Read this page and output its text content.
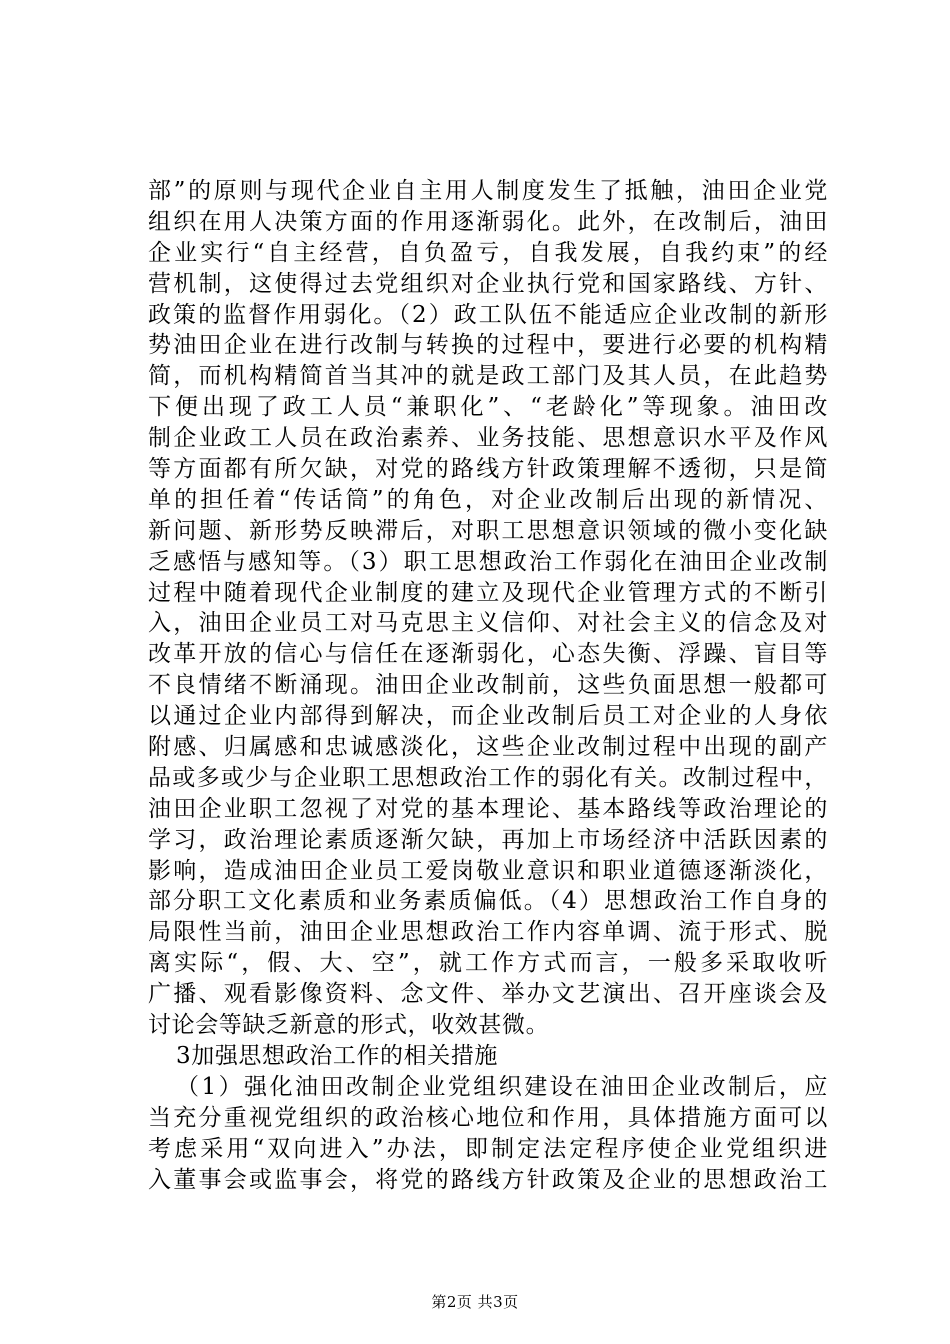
部”的原则与现代企业自主用人制度发生了抵触，油田企业党
组织在用人决策方面的作用逐渐弱化。此外，在改制后，油田
企业实行“自主经营，自负盈亏，自我发展，自我约束”的经
营机制，这使得过去党组织对企业执行党和国家路线、方针、
政策的监督作用弱化。（2）政工队伍不能适应企业改制的新形
势油田企业在进行改制与转换的过程中，要进行必要的机构精
简，而机构精简首当其冲的就是政工部门及其人员，在此趋势
下便出现了政工人员“兼职化”、“老龄化”等现象。油田改
制企业政工人员在政治素养、业务技能、思想意识水平及作风
等方面都有所欠缺，对党的路线方针政策理解不透彻，只是简
单的担任着“传话筒”的角色，对企业改制后出现的新情况、
新问题、新形势反映滞后，对职工思想意识领域的微小变化缺
乏感悟与感知等。（3）职工思想政治工作弱化在油田企业改制
过程中随着现代企业制度的建立及现代企业管理方式的不断引
入，油田企业员工对马克思主义信仰、对社会主义的信念及对
改革开放的信心与信任在逐渐弱化，心态失衡、浮躁、盲目等
不良情绪不断涌现。油田企业改制前，这些负面思想一般都可
以通过企业内部得到解决，而企业改制后员工对企业的人身依
附感、归属感和忠诚感淡化，这些企业改制过程中出现的副产
品或多或少与企业职工思想政治工作的弱化有关。改制过程中，
油田企业职工忽视了对党的基本理论、基本路线等政治理论的
学习，政治理论素质逐渐欠缺，再加上市场经济中活跃因素的
影响，造成油田企业员工爱岗敬业意识和职业道德逐渐淡化，
部分职工文化素质和业务素质偏低。（4）思想政治工作自身的
局限性当前，油田企业思想政治工作内容单调、流于形式、脱
离实际“，假、大、空”，就工作方式而言，一般多采取收听
广播、观看影像资料、念文件、举办文艺演出、召开座谈会及
讨论会等缺乏新意的形式，收效甚微。
3加强思想政治工作的相关措施
（1）强化油田改制企业党组织建设在油田企业改制后，应
当充分重视党组织的政治核心地位和作用，具体措施方面可以
考虑采用“双向进入”办法，即制定法定程序使企业党组织进
入董事会或监事会，将党的路线方针政策及企业的思想政治工
第2页 共3页
